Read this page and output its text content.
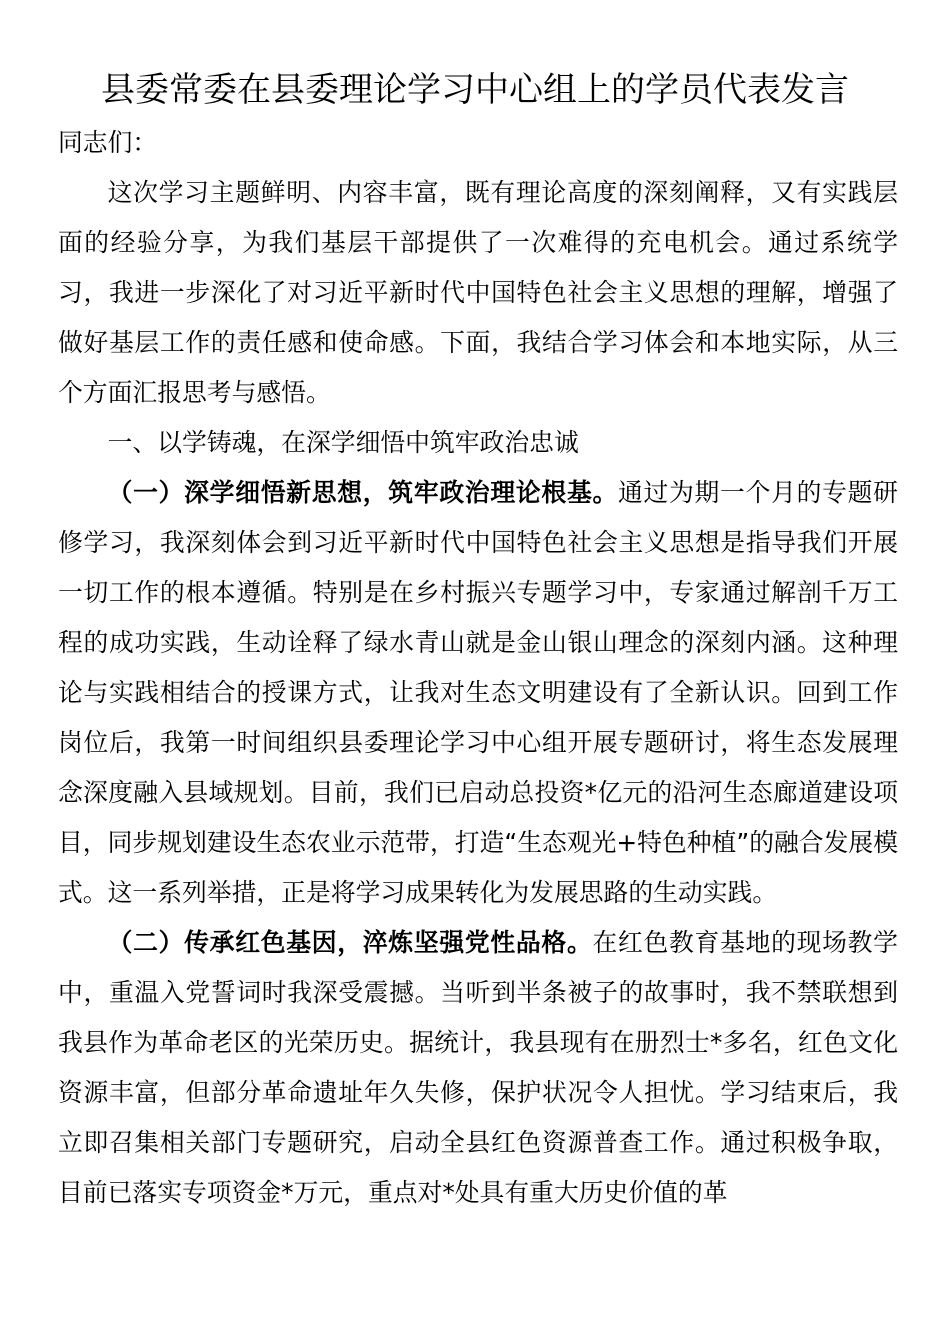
县委常委在县委理论学习中心组上的学员代表发言

同志们：

这次学习主题鲜明、内容丰富，既有理论高度的深刻阐释，又有实践层面的经验分享，为我们基层干部提供了一次难得的充电机会。通过系统学习，我进一步深化了对习近平新时代中国特色社会主义思想的理解，增强了做好基层工作的责任感和使命感。下面，我结合学习体会和本地实际，从三个方面汇报思考与感悟。

一、以学铸魂，在深学细悟中筑牢政治忠诚

（一）深学细悟新思想，筑牢政治理论根基。通过为期一个月的专题研修学习，我深刻体会到习近平新时代中国特色社会主义思想是指导我们开展一切工作的根本遵循。特别是在乡村振兴专题学习中，专家通过解剖千万工程的成功实践，生动诠释了绿水青山就是金山银山理念的深刻内涵。这种理论与实践相结合的授课方式，让我对生态文明建设有了全新认识。回到工作岗位后，我第一时间组织县委理论学习中心组开展专题研讨，将生态发展理念深度融入县域规划。目前，我们已启动总投资*亿元的沿河生态廊道建设项目，同步规划建设生态农业示范带，打造“生态观光+特色种植”的融合发展模式。这一系列举措，正是将学习成果转化为发展思路的生动实践。

（二）传承红色基因，淬炼坚强党性品格。在红色教育基地的现场教学中，重温入党誓词时我深受震撼。当听到半条被子的故事时，我不禁联想到我县作为革命老区的光荣历史。据统计，我县现有在册烈士*多名，红色文化资源丰富，但部分革命遗址年久失修，保护状况令人担忧。学习结束后，我立即召集相关部门专题研究，启动全县红色资源普查工作。通过积极争取，目前已落实专项资金*万元，重点对*处具有重大历史价值的革
